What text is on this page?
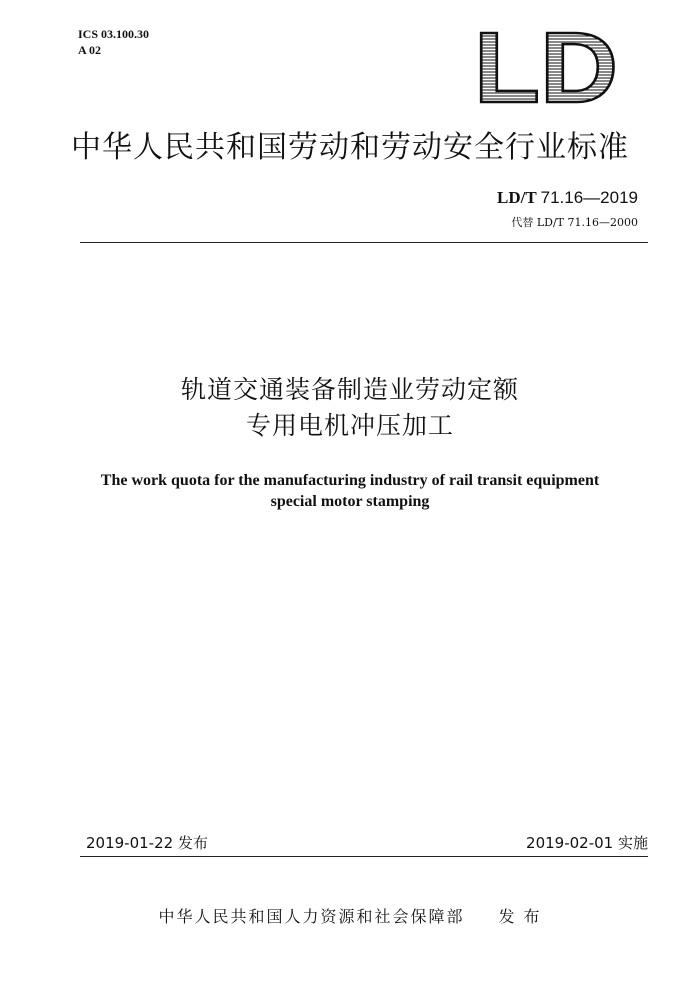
ICS 03.100.30
A 02	LD
中华人民共和国劳动和劳动安全行业标准
LD/T 71.16—2019
代替 LD/T 71.16—2000
轨道交通装备制造业劳动定额
专用电机冲压加工
The work quota for the manufacturing industry of rail transit equipment
special motor stamping
2019-01-22 发布	2019-02-01 实施
中华人民共和国人力资源和社会保障部 发 布
